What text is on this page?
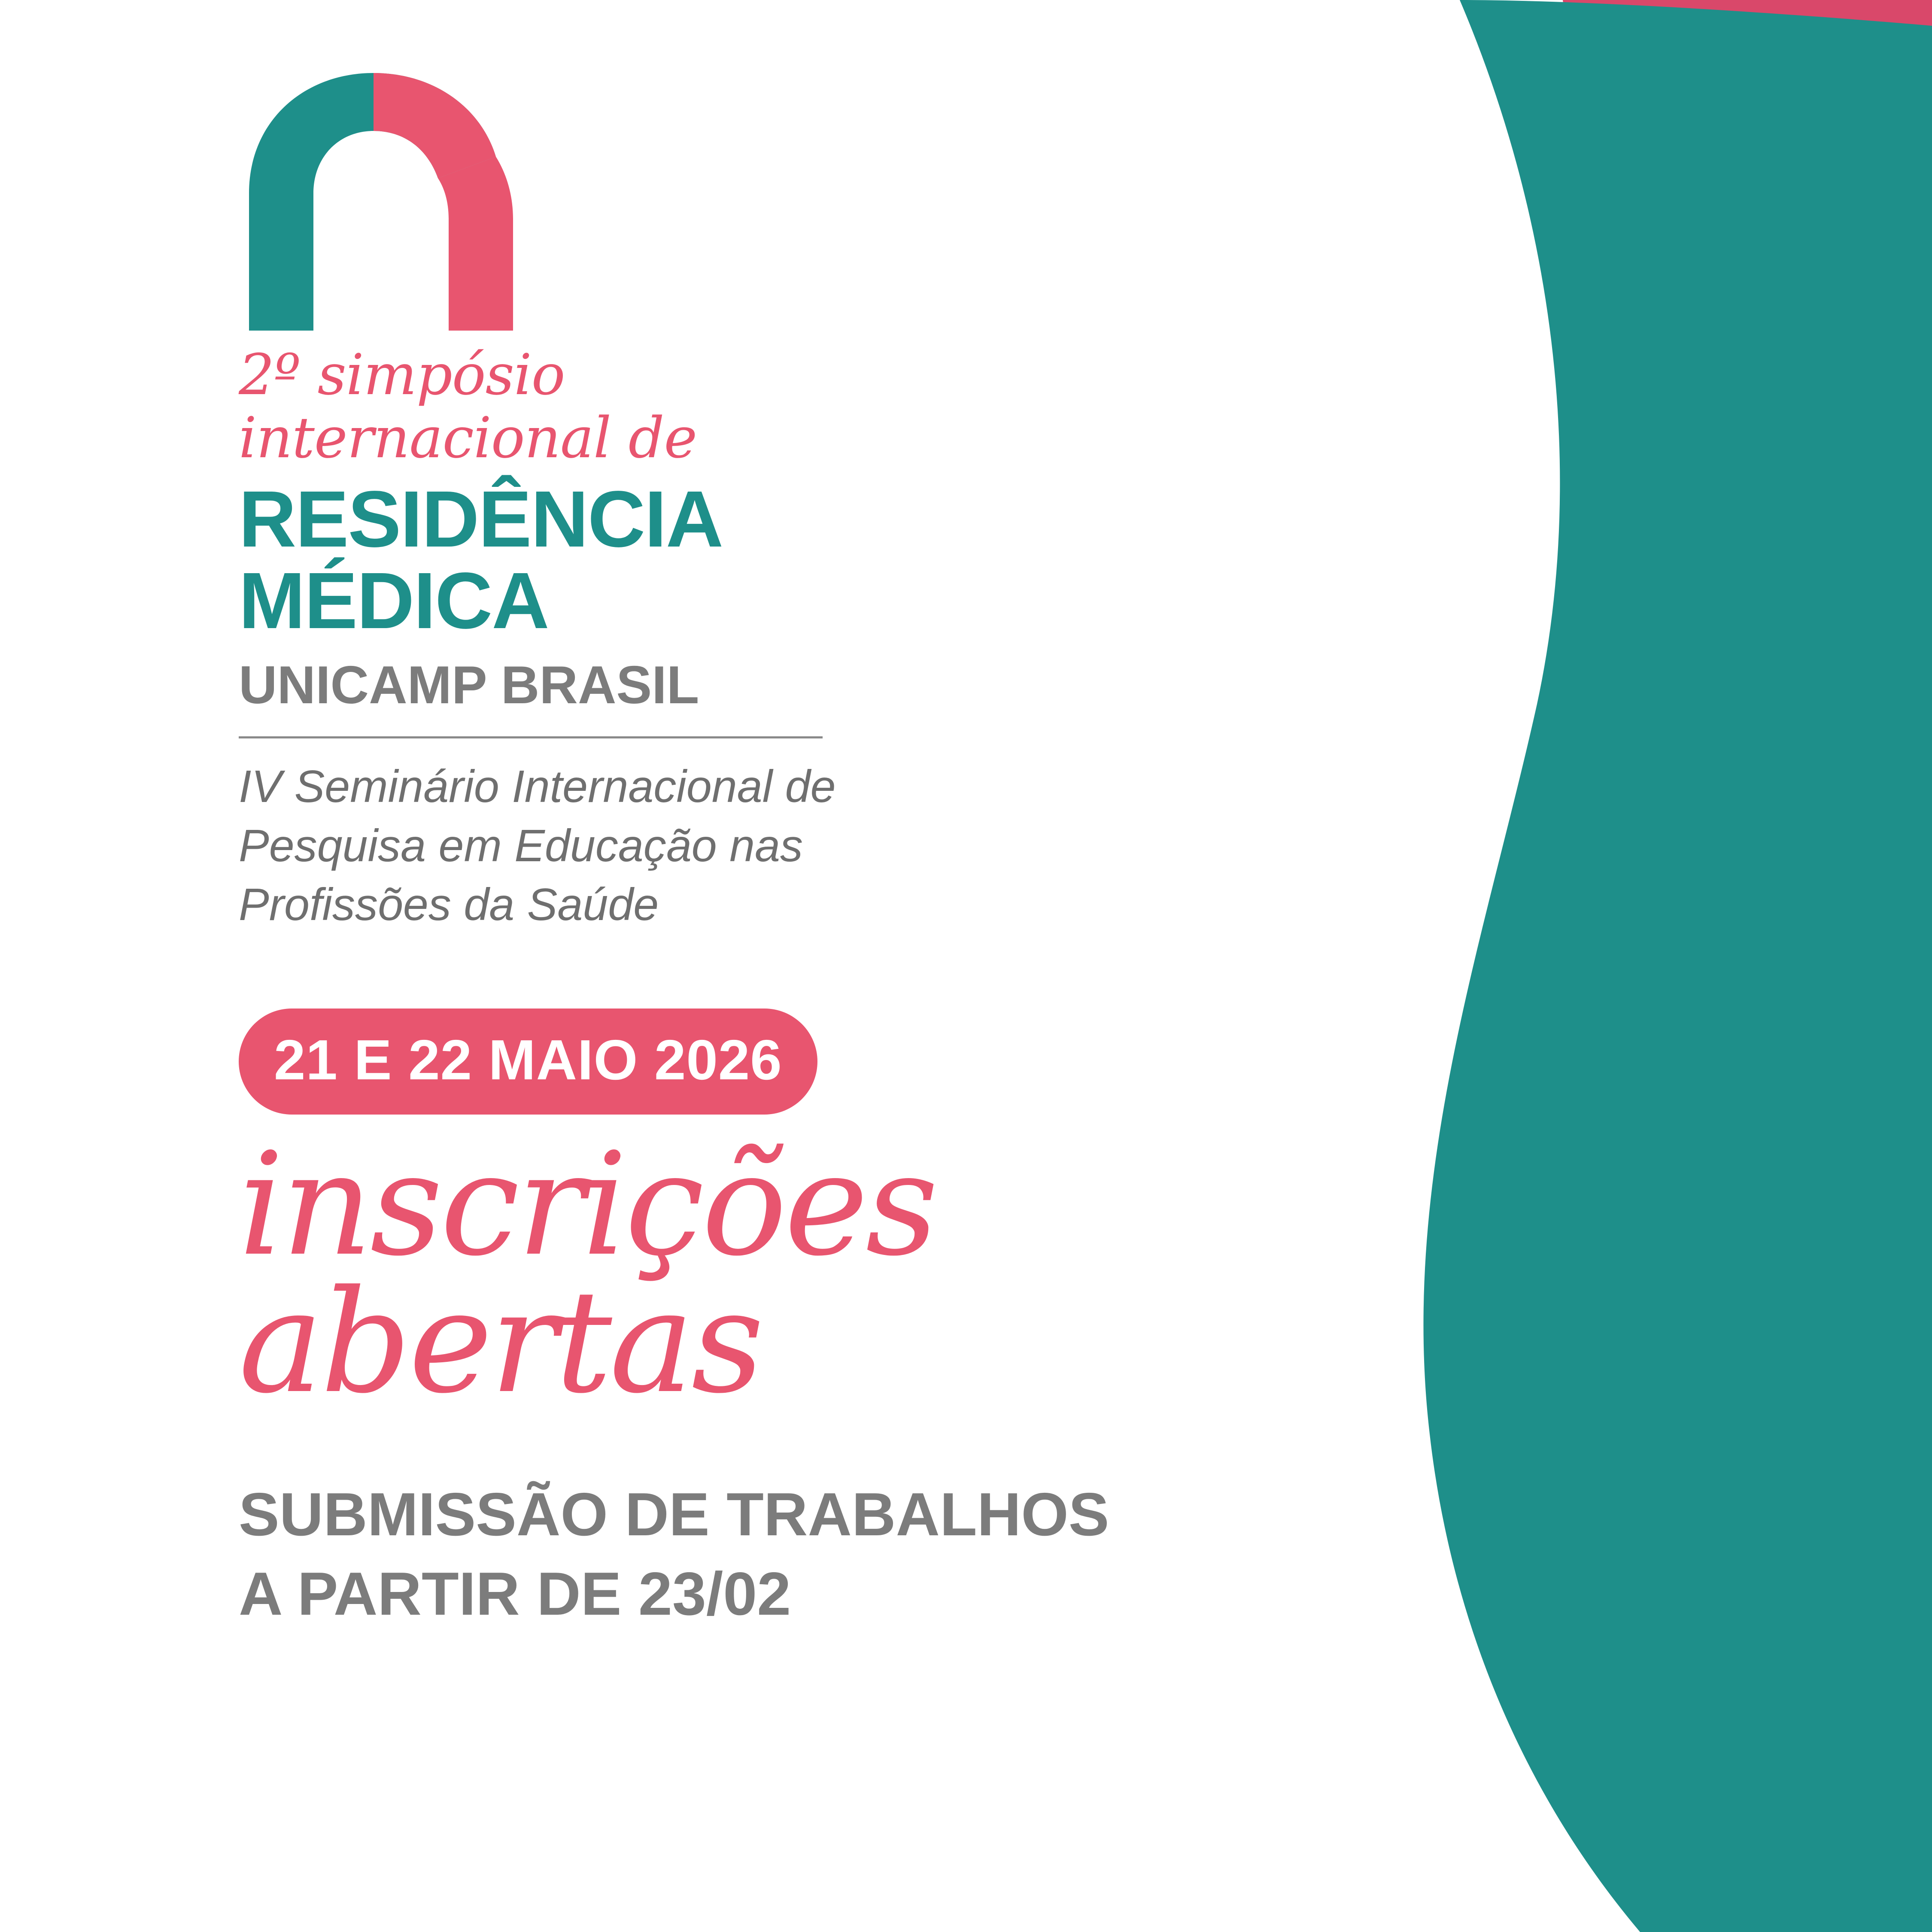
2º simpósio
internacional de
RESIDÊNCIA
MÉDICA
UNICAMP BRASIL
IV Seminário Internacional de
Pesquisa em Educação nas
Profissões da Saúde
21 E 22 MAIO 2026
inscrições
abertas
SUBMISSÃO DE TRABALHOS
A PARTIR DE 23/02
